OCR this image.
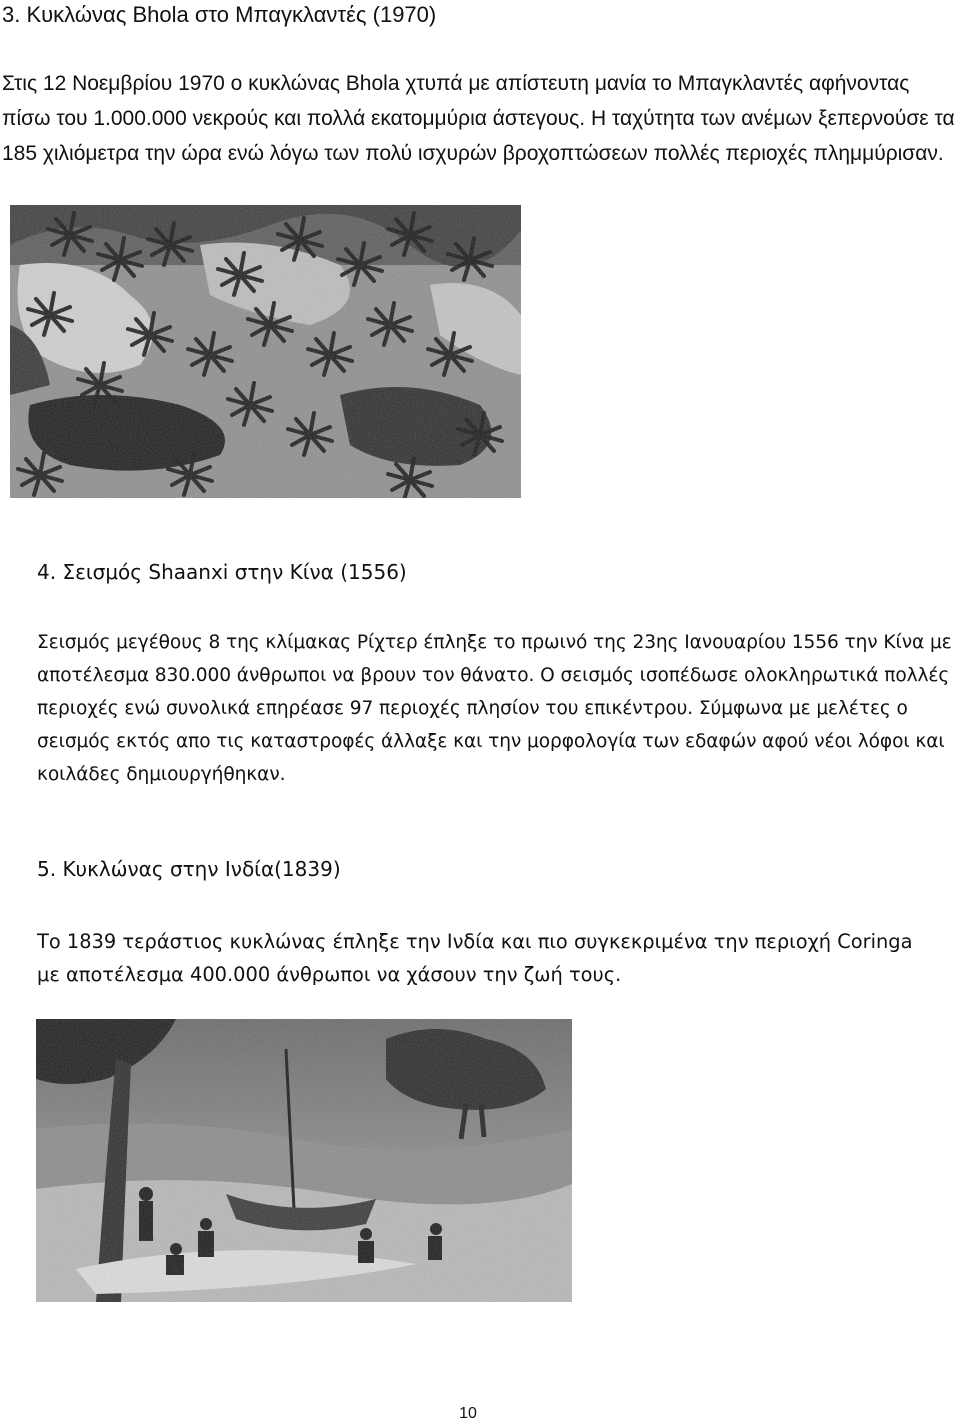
3. Κυκλώνας Bhola στο Μπαγκλαντές (1970)

Στις 12 Νοεμβρίου 1970 ο κυκλώνας Bhola χτυπά με απίστευτη μανία το Μπαγκλαντές αφήνοντας πίσω του 1.000.000 νεκρούς και πολλά εκατομμύρια άστεγους. Η ταχύτητα των ανέμων ξεπερνούσε τα 185 χιλιόμετρα την ώρα ενώ λόγω των πολύ ισχυρών βροχοπτώσεων πολλές περιοχές πλημμύρισαν.

4. Σεισμός Shaanxi στην Κίνα (1556)

Σεισμός μεγέθους 8 της κλίμακας Ρίχτερ έπληξε το πρωινό της 23ης Ιανουαρίου 1556 την Κίνα με αποτέλεσμα 830.000 άνθρωποι να βρουν τον θάνατο. Ο σεισμός ισοπέδωσε ολοκληρωτικά πολλές περιοχές ενώ συνολικά επηρέασε 97 περιοχές πλησίον του επικέντρου. Σύμφωνα με μελέτες ο σεισμός εκτός απο τις καταστροφές άλλαξε και την μορφολογία των εδαφών αφού νέοι λόφοι και κοιλάδες δημιουργήθηκαν.

5. Κυκλώνας στην Ινδία(1839)

Το 1839 τεράστιος κυκλώνας έπληξε την Ινδία και πιο συγκεκριμένα την περιοχή Coringa με αποτέλεσμα 400.000 άνθρωποι να χάσουν την ζωή τους.

10
